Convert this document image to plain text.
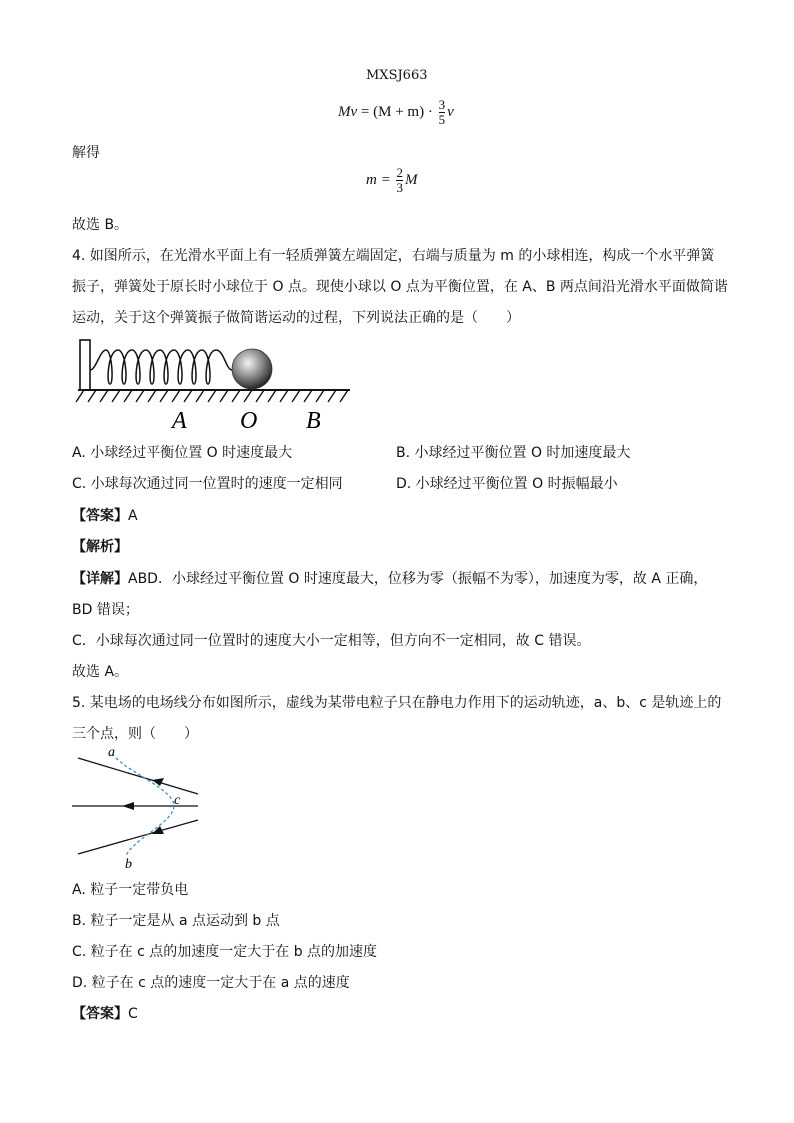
MXSJ663
$Mv = (M + m) \cdot \frac{3}{5}$ v
解得
$m = \frac{2}{3}$ M
故选 B。
4. 如图所示，在光滑水平面上有一轻质弹簧左端固定，右端与质量为 m 的小球相连，构成一个水平弹簧
振子，弹簧处于原长时小球位于 O 点。现使小球以 O 点为平衡位置，在 A、B 两点间沿光滑水平面做简谐
运动，关于这个弹簧振子做简谐运动的过程，下列说法正确的是（　　）
A O B
A. 小球经过平衡位置 O 时速度最大	B. 小球经过平衡位置 O 时加速度最大
C. 小球每次通过同一位置时的速度一定相同	D. 小球经过平衡位置 O 时振幅最小
【答案】A
【解析】
【详解】ABD．小球经过平衡位置 O 时速度最大，位移为零（振幅不为零），加速度为零，故 A 正确，
BD 错误；
C．小球每次通过同一位置时的速度大小一定相等，但方向不一定相同，故 C 错误。
故选 A。
5. 某电场的电场线分布如图所示，虚线为某带电粒子只在静电力作用下的运动轨迹，a、b、c 是轨迹上的
三个点，则（　　）
a
c
b
A. 粒子一定带负电
B. 粒子一定是从 a 点运动到 b 点
C. 粒子在 c 点的加速度一定大于在 b 点的加速度
D. 粒子在 c 点的速度一定大于在 a 点的速度
【答案】C
